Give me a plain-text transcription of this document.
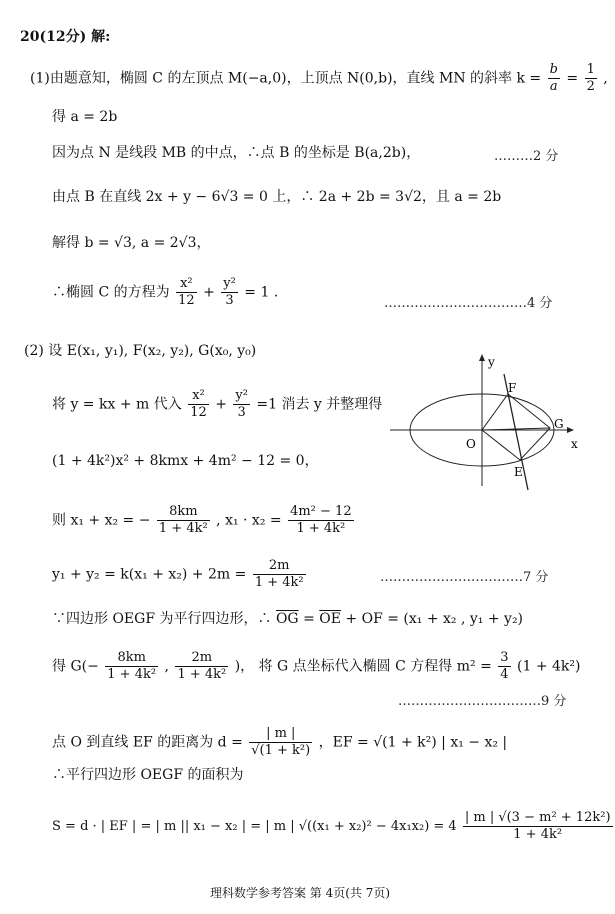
20(12分) 解:
(1)由题意知，椭圆 C 的左顶点 M(−a,0)，上顶点 N(0,b)，直线 MN 的斜率 $k = \frac{b}{a} = \frac{1}{2}$ ,
得 a = 2b
因为点 N 是线段 MB 的中点，∴点 B 的坐标是 B(a,2b)，	………2 分
由点 B 在直线 2x + y − 6√3 = 0 上，∴ 2a + 2b = 3√2，且 a = 2b
解得 b = √3, a = 2√3，
∴椭圆 C 的方程为 $\frac{\text{x²}}{12} + \frac{\text{y²}}{3} = 1$ .
……………………………4 分
(2) 设 E(x₁, y₁), F(x₂, y₂), G(x₀, y₀)
将 y = kx + m 代入 $\frac{\text{x²}}{12} + \frac{\text{y²}}{3} =1$ 消去 y 并整理得
(1 + 4k²)x² + 8kmx + 4m² − 12 = 0，
则 x₁ + x₂ = − $\frac{8km}{\text{1 + 4k²}}$ , $x_1 \cdot x_2 = \frac{\text{4m² − 12}}{\text{1 + 4k²}}$
$y_1 + y_2 = k(x_1 + x_2) + 2m = \frac{2m}{\text{1 + 4k²}}$	……………………………7 分
∵四边形 OEGF 为平行四边形，∴ $\overline{OG} = \overline{OE}$ + OF = (x₁ + x₂ , y₁ + y₂)
得 $G(- \frac{8km}{\text{1 + 4k²}}$ , $\frac{2m}{\text{1 + 4k²}}$ )， 将 G 点坐标代入椭圆 C 方程得 $m^2 = \frac{3}{4} (1 + 4k^2)$
……………………………9 分
点 O 到直线 EF 的距离为 $d = \frac{| m |}{\text{√(1 + k²)}}$ ，EF = √(1 + k²) | x₁ − x₂ |
∴平行四边形 OEGF 的面积为
S = d · | EF | = | m || x₁ − x₂ | = | m | $√((x_1 + x_2)^2 - 4x_1x_2) = 4 \frac{\text{| m | √(3 − m² + 12k²)}}{\text{1 + 4k²}}$
y
x
O
F
G
E
理科数学参考答案 第 4页(共 7页)
